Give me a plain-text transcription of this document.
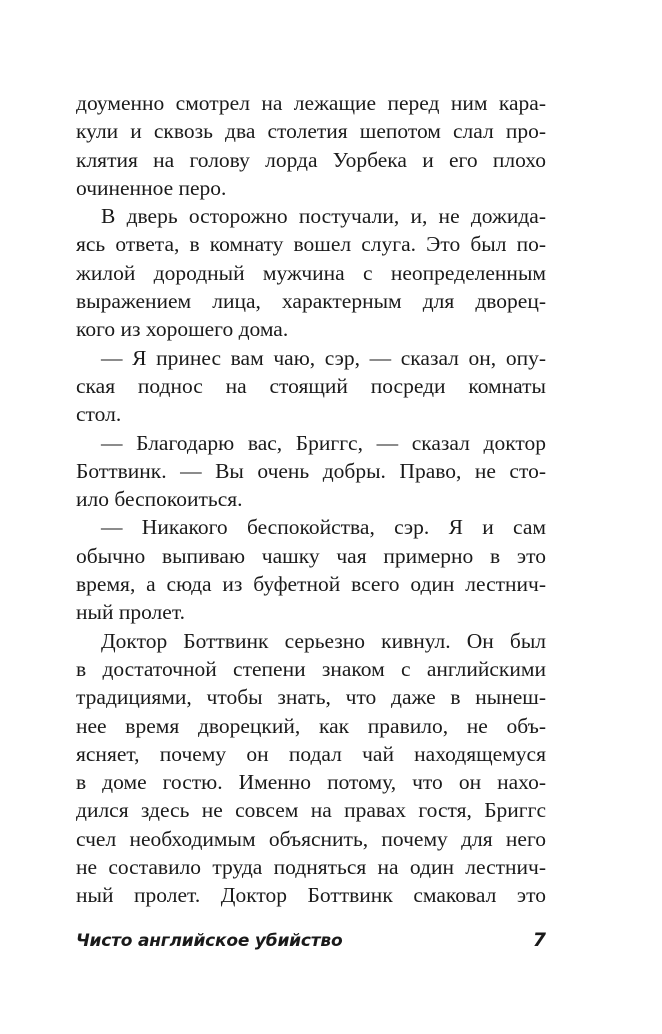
доуменно смотрел на лежащие перед ним кара-
кули и сквозь два столетия шепотом слал про-
клятия на голову лорда Уорбека и его плохо
очиненное перо.
В дверь осторожно постучали, и, не дожида-
ясь ответа, в комнату вошел слуга. Это был по-
жилой дородный мужчина с неопределенным
выражением лица, характерным для дворец-
кого из хорошего дома.
— Я принес вам чаю, сэр, — сказал он, опу-
ская поднос на стоящий посреди комнаты
стол.
— Благодарю вас, Бриггс, — сказал доктор
Боттвинк. — Вы очень добры. Право, не сто-
ило беспокоиться.
— Никакого беспокойства, сэр. Я и сам
обычно выпиваю чашку чая примерно в это
время, а сюда из буфетной всего один лестнич-
ный пролет.
Доктор Боттвинк серьезно кивнул. Он был
в достаточной степени знаком с английскими
традициями, чтобы знать, что даже в нынеш-
нее время дворецкий, как правило, не объ-
ясняет, почему он подал чай находящемуся
в доме гостю. Именно потому, что он нахо-
дился здесь не совсем на правах гостя, Бриггс
счел необходимым объяснить, почему для него
не составило труда подняться на один лестнич-
ный пролет. Доктор Боттвинк смаковал это
Чисто английское убийство	7
